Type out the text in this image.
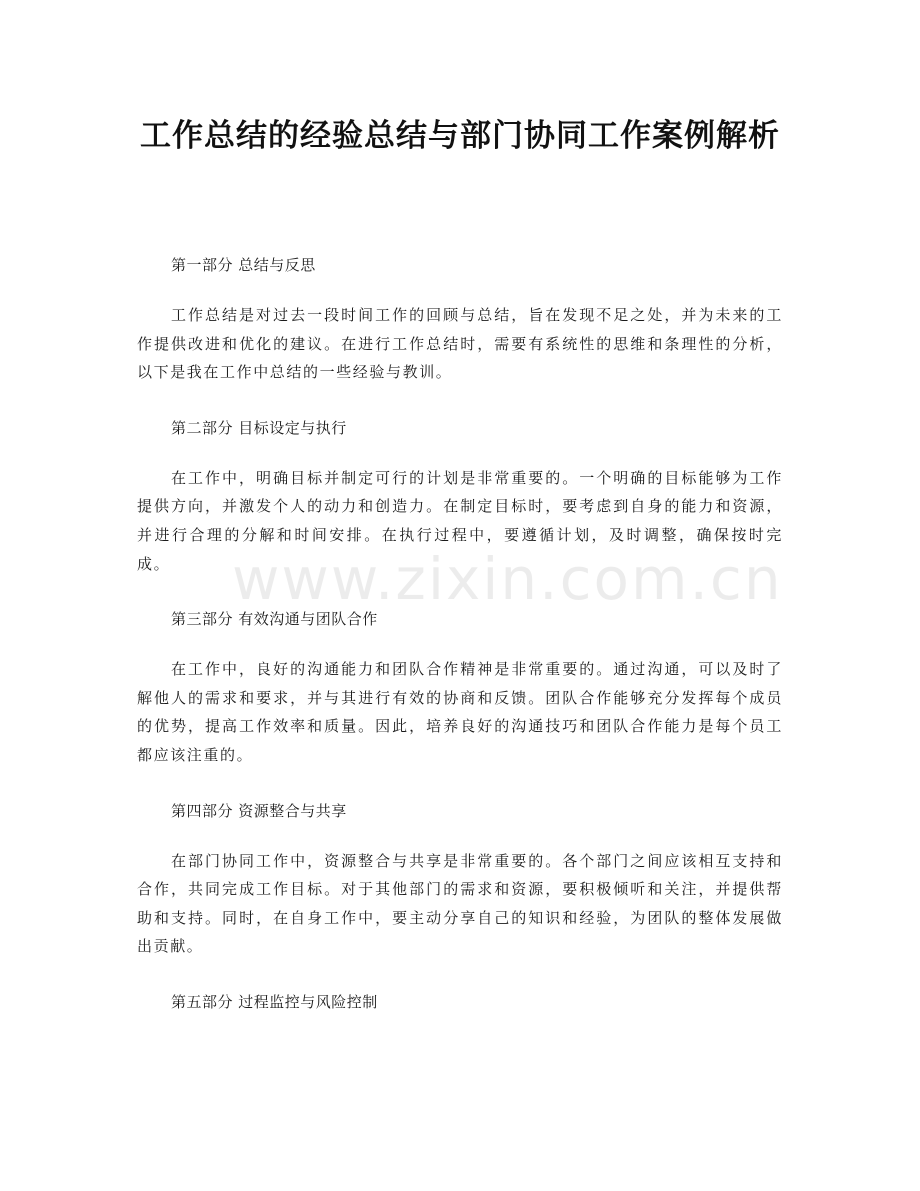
工作总结的经验总结与部门协同工作案例解析
www.zixin.com.cn

第一部分 总结与反思

工作总结是对过去一段时间工作的回顾与总结，旨在发现不足之处，并为未来的工作提供改进和优化的建议。在进行工作总结时，需要有系统性的思维和条理性的分析，以下是我在工作中总结的一些经验与教训。

第二部分 目标设定与执行

在工作中，明确目标并制定可行的计划是非常重要的。一个明确的目标能够为工作提供方向，并激发个人的动力和创造力。在制定目标时，要考虑到自身的能力和资源，并进行合理的分解和时间安排。在执行过程中，要遵循计划，及时调整，确保按时完成。

第三部分 有效沟通与团队合作

在工作中，良好的沟通能力和团队合作精神是非常重要的。通过沟通，可以及时了解他人的需求和要求，并与其进行有效的协商和反馈。团队合作能够充分发挥每个成员的优势，提高工作效率和质量。因此，培养良好的沟通技巧和团队合作能力是每个员工都应该注重的。

第四部分 资源整合与共享

在部门协同工作中，资源整合与共享是非常重要的。各个部门之间应该相互支持和合作，共同完成工作目标。对于其他部门的需求和资源，要积极倾听和关注，并提供帮助和支持。同时，在自身工作中，要主动分享自己的知识和经验，为团队的整体发展做出贡献。

第五部分 过程监控与风险控制
